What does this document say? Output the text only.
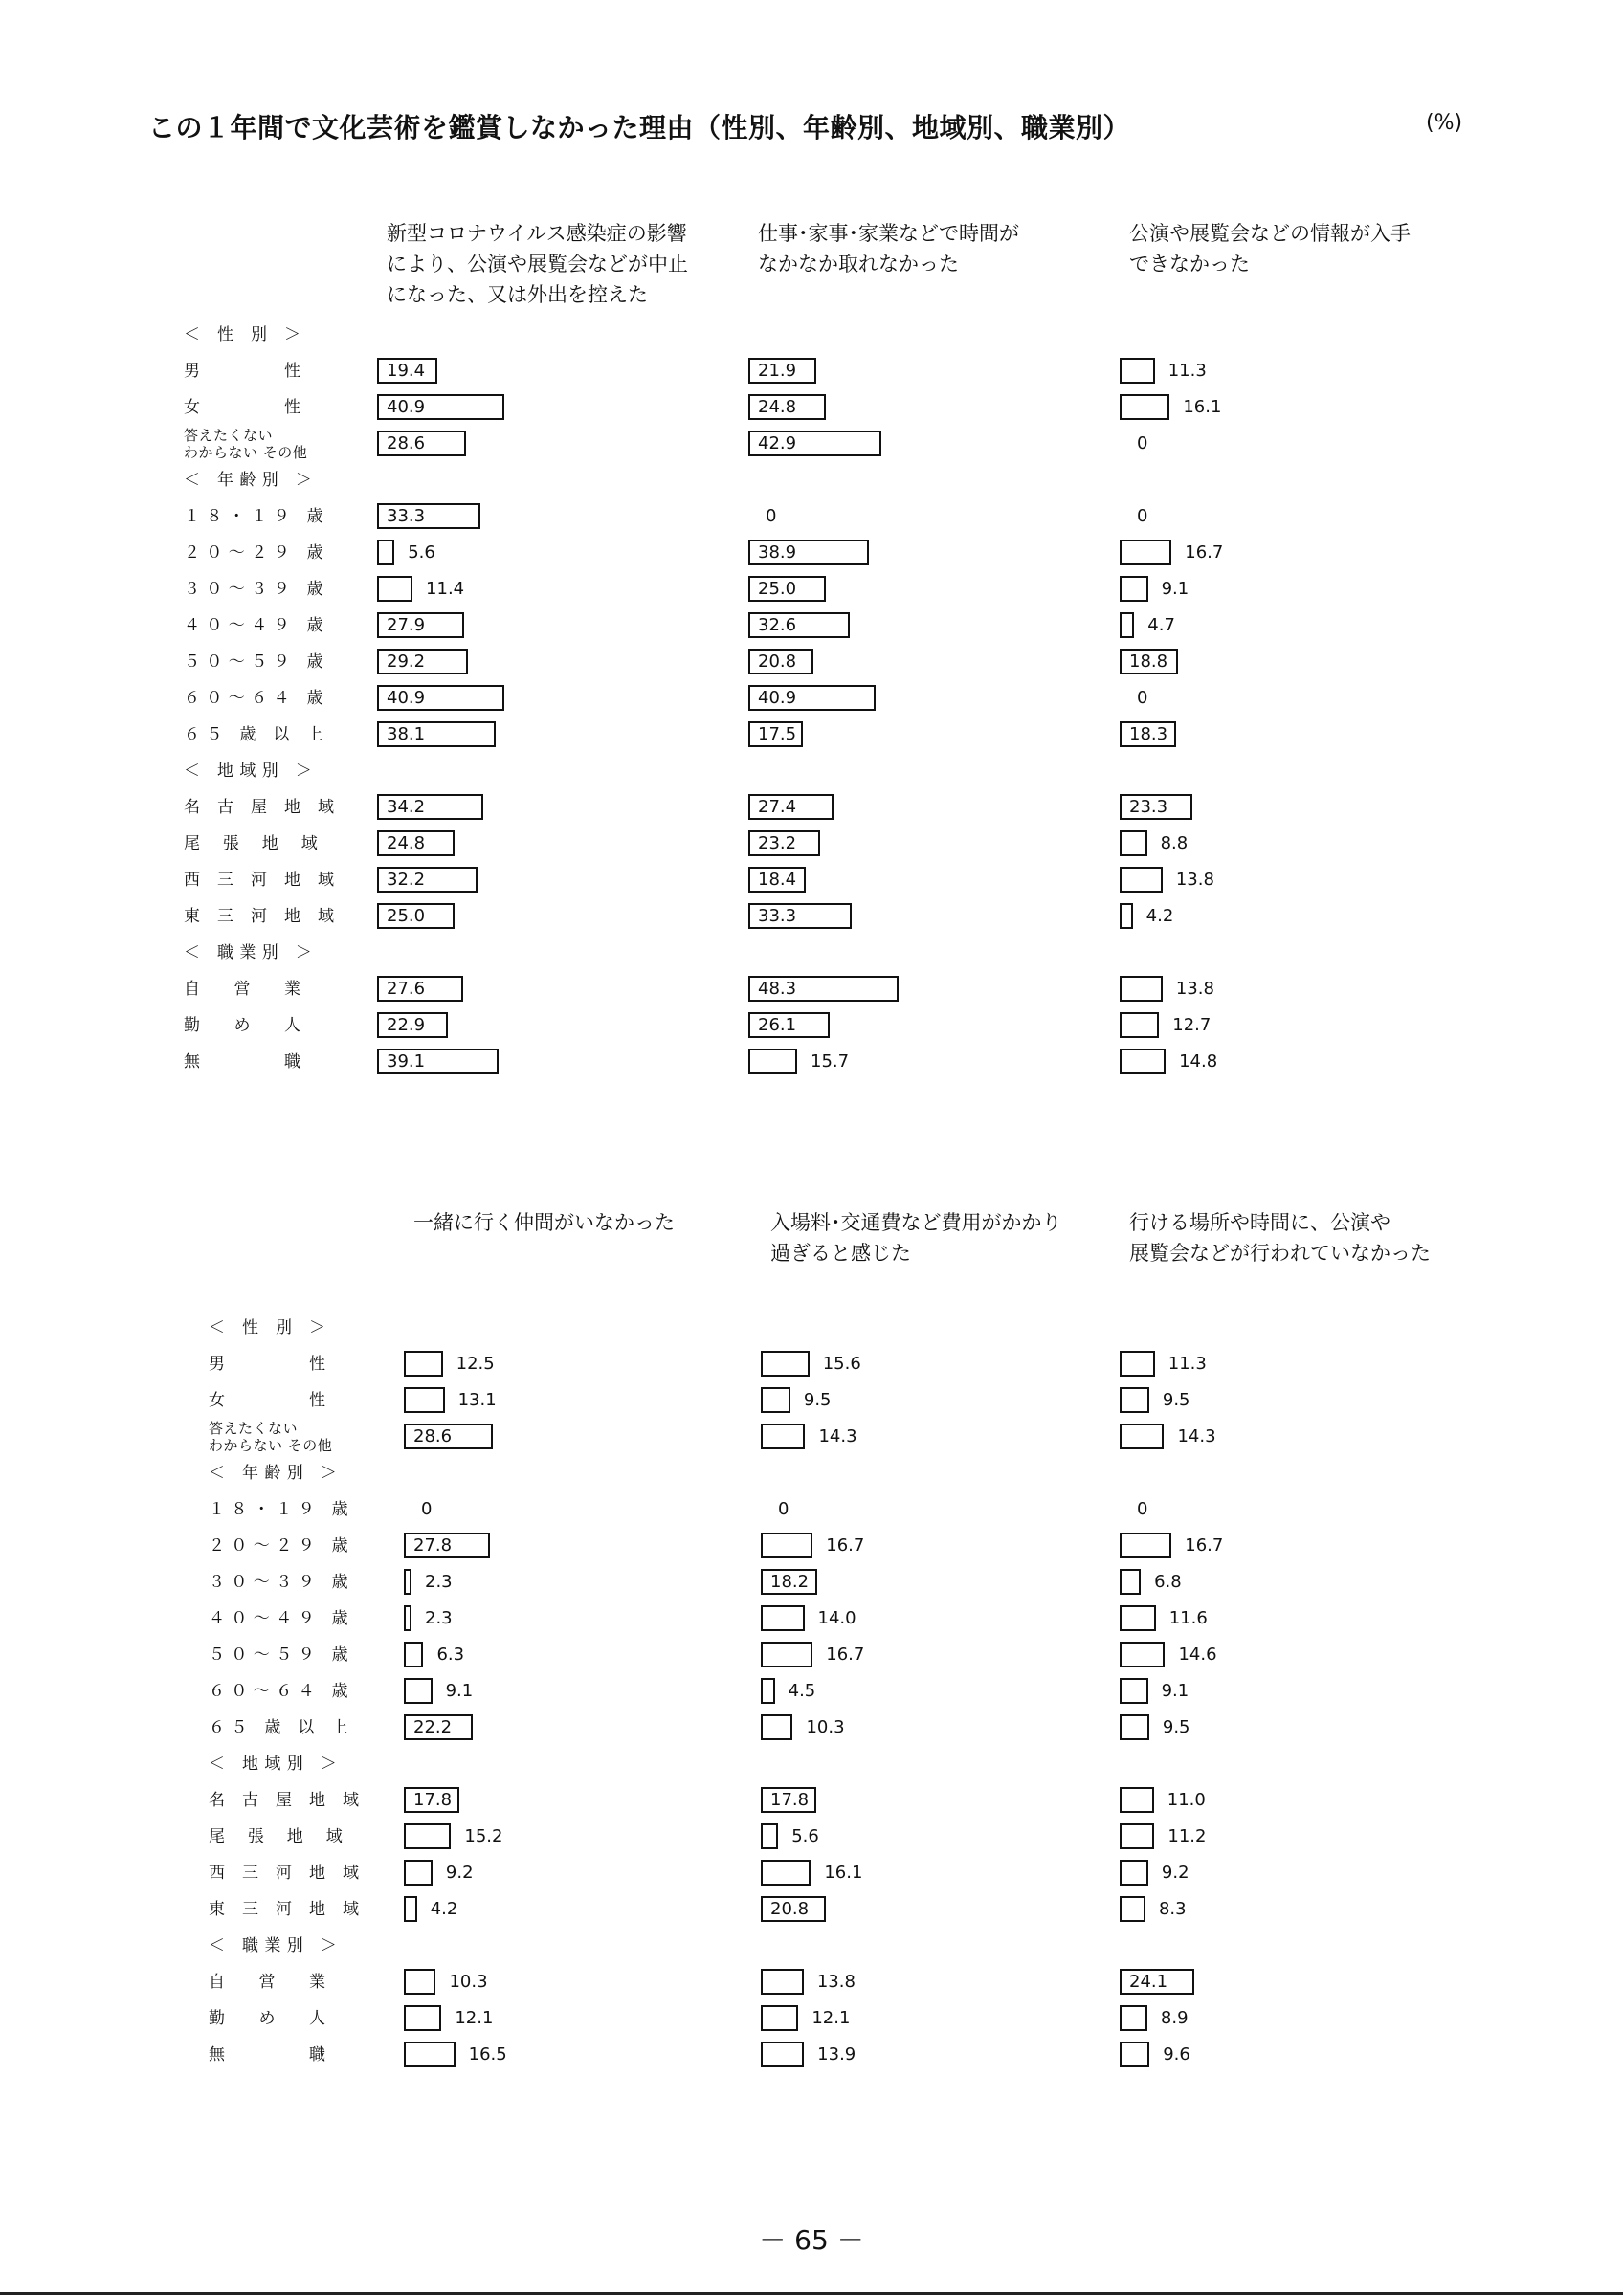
この１年間で文化芸術を鑑賞しなかった理由（性別、年齢別、地域別、職業別）	(%)
新型コロナウイルス感染症の影響
により、公演や展覧会などが中止
になった、又は外出を控えた
仕事･家事･家業などで時間が
なかなか取れなかった
公演や展覧会などの情報が入手
できなかった
＜　性　別　＞
男　　　　　性	19.4	21.9	11.3
女　　　　　性	40.9	24.8	16.1
答えたくない
わからない その他	28.6	42.9	0
＜　年 齢 別　＞
１ ８ ・ １ ９　歳	33.3	0	0
２ ０ ～ ２ ９　歳	5.6	38.9	16.7
３ ０ ～ ３ ９　歳	11.4	25.0	9.1
４ ０ ～ ４ ９　歳	27.9	32.6	4.7
５ ０ ～ ５ ９　歳	29.2	20.8	18.8
６ ０ ～ ６ ４　歳	40.9	40.9	0
６ ５　歳　以　上	38.1	17.5	18.3
＜　地 域 別　＞
名　古　屋　地　域	34.2	27.4	23.3
尾　 張　 地　 域	24.8	23.2	8.8
西　三　河　地　域	32.2	18.4	13.8
東　三　河　地　域	25.0	33.3	4.2
＜　職 業 別　＞
自　　営　　業	27.6	48.3	13.8
勤　　め　　人	22.9	26.1	12.7
無　　　　　職	39.1	15.7	14.8
一緒に行く仲間がいなかった	入場料･交通費など費用がかかり
過ぎると感じた
行ける場所や時間に、公演や
展覧会などが行われていなかった
＜　性　別　＞
男　　　　　性	12.5	15.6	11.3
女　　　　　性	13.1	9.5	9.5
答えたくない
わからない その他	28.6	14.3	14.3
＜　年 齢 別　＞
１ ８ ・ １ ９　歳	0	0	0
２ ０ ～ ２ ９　歳	27.8	16.7	16.7
３ ０ ～ ３ ９　歳	2.3	18.2	6.8
４ ０ ～ ４ ９　歳	2.3	14.0	11.6
５ ０ ～ ５ ９　歳	6.3	16.7	14.6
６ ０ ～ ６ ４　歳	9.1	4.5	9.1
６ ５　歳　以　上	22.2	10.3	9.5
＜　地 域 別　＞
名　古　屋　地　域	17.8	17.8	11.0
尾　 張　 地　 域	15.2	5.6	11.2
西　三　河　地　域	9.2	16.1	9.2
東　三　河　地　域	4.2	20.8	8.3
＜　職 業 別　＞
自　　営　　業	10.3	13.8	24.1
勤　　め　　人	12.1	12.1	8.9
無　　　　　職	16.5	13.9	9.6
－ 65 －
